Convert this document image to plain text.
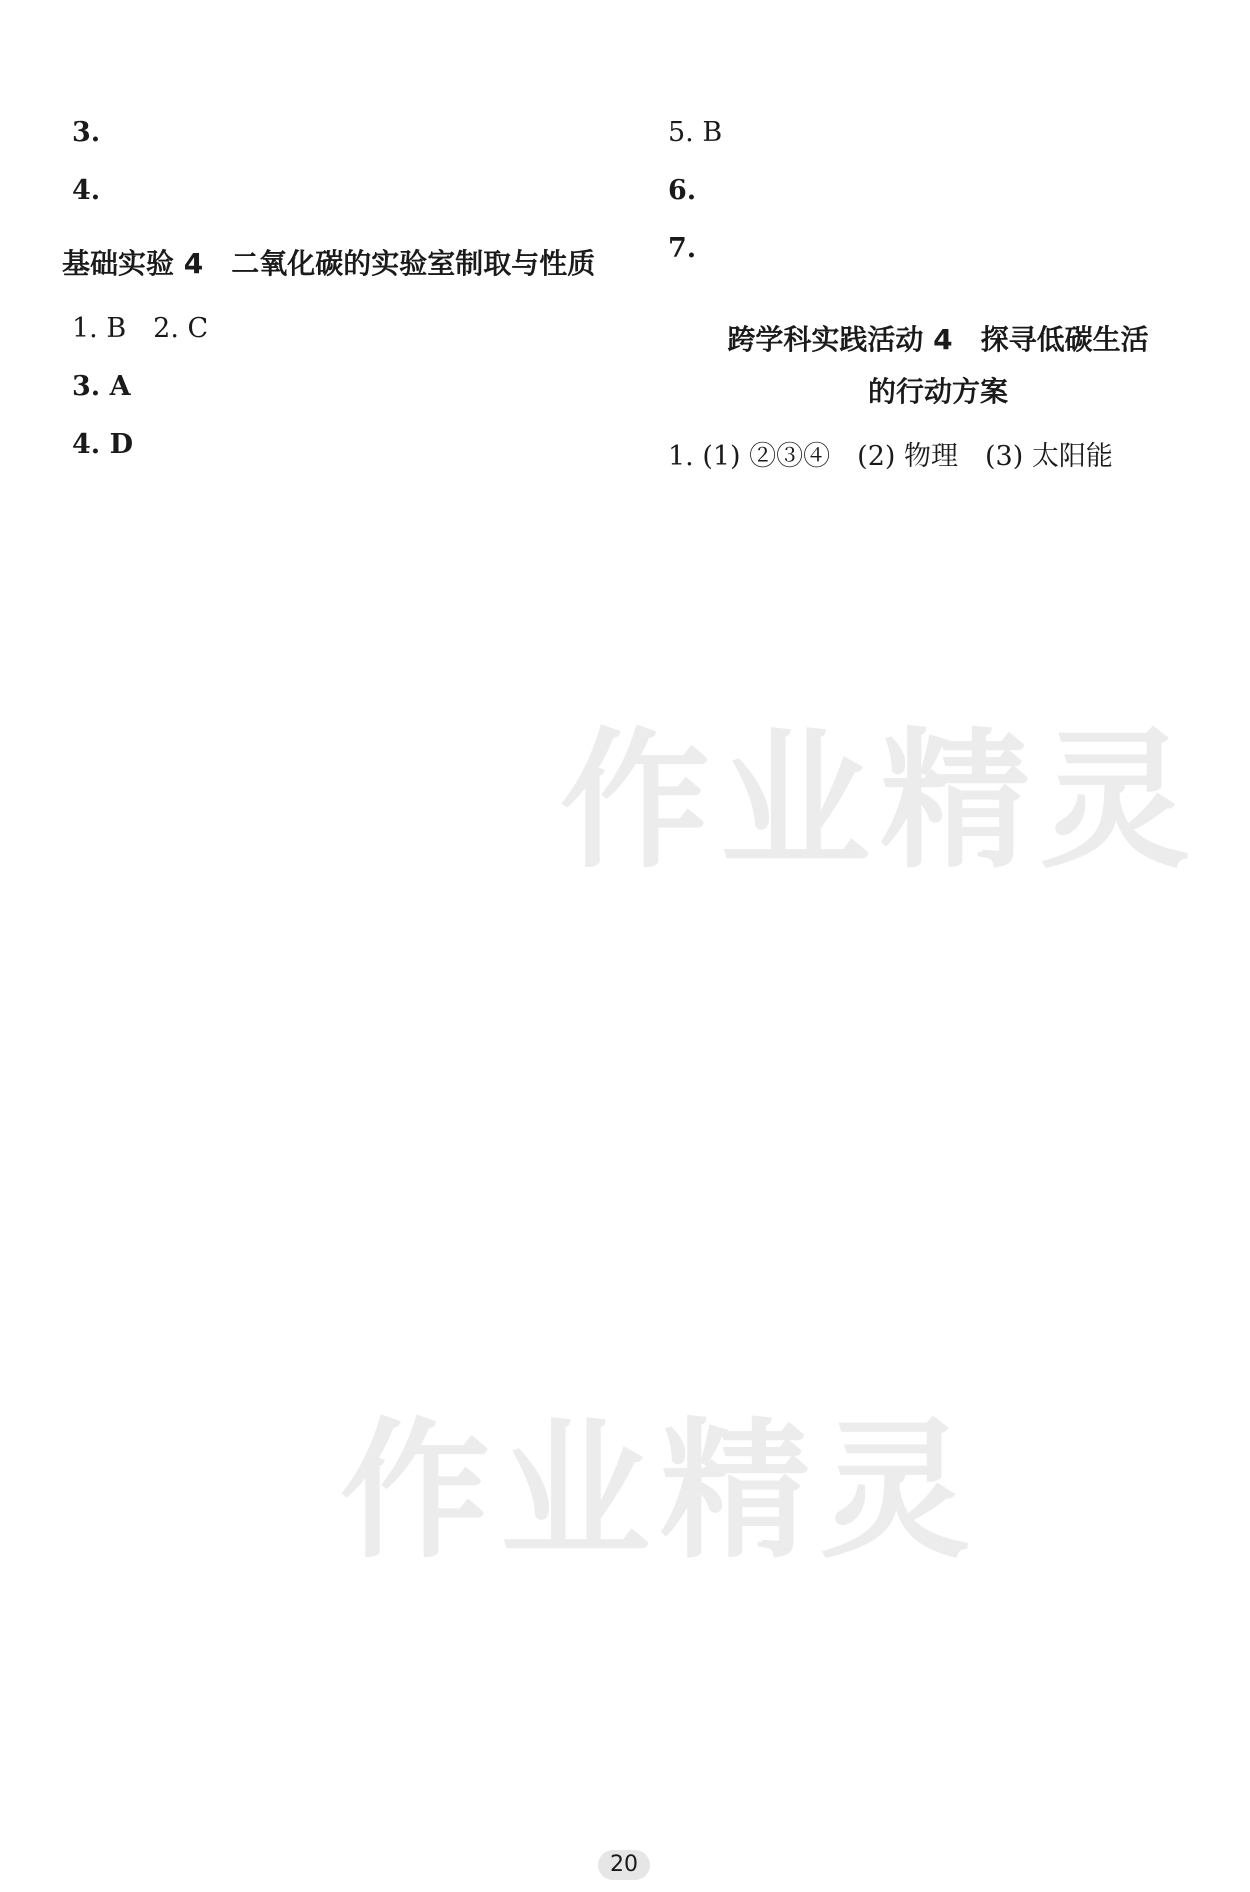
3.

4.

基础实验 4　二氧化碳的实验室制取与性质

1. B　2. C

3. A

4. D

5. B

6.

7.

跨学科实践活动 4　探寻低碳生活
的行动方案

1. (1) ②③④　(2) 物理　(3) 太阳能

作业精灵
作业精灵
20
